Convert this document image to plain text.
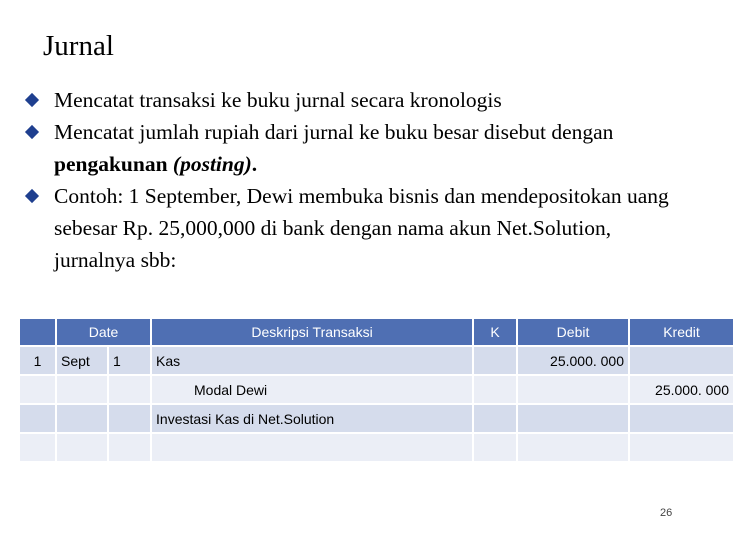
Jurnal
Mencatat transaksi ke buku jurnal secara kronologis
Mencatat jumlah rupiah dari jurnal ke buku besar disebut dengan pengakunan (posting).
Contoh: 1 September, Dewi membuka bisnis dan mendepositokan uang sebesar Rp. 25,000,000 di bank dengan nama akun Net.Solution, jurnalnya sbb:
	Date		Deskripsi Transaksi	K	Debit	Kredit
1	Sept	1	Kas		25.000. 000	
			Modal Dewi			25.000. 000
			Investasi Kas di Net.Solution			

26
